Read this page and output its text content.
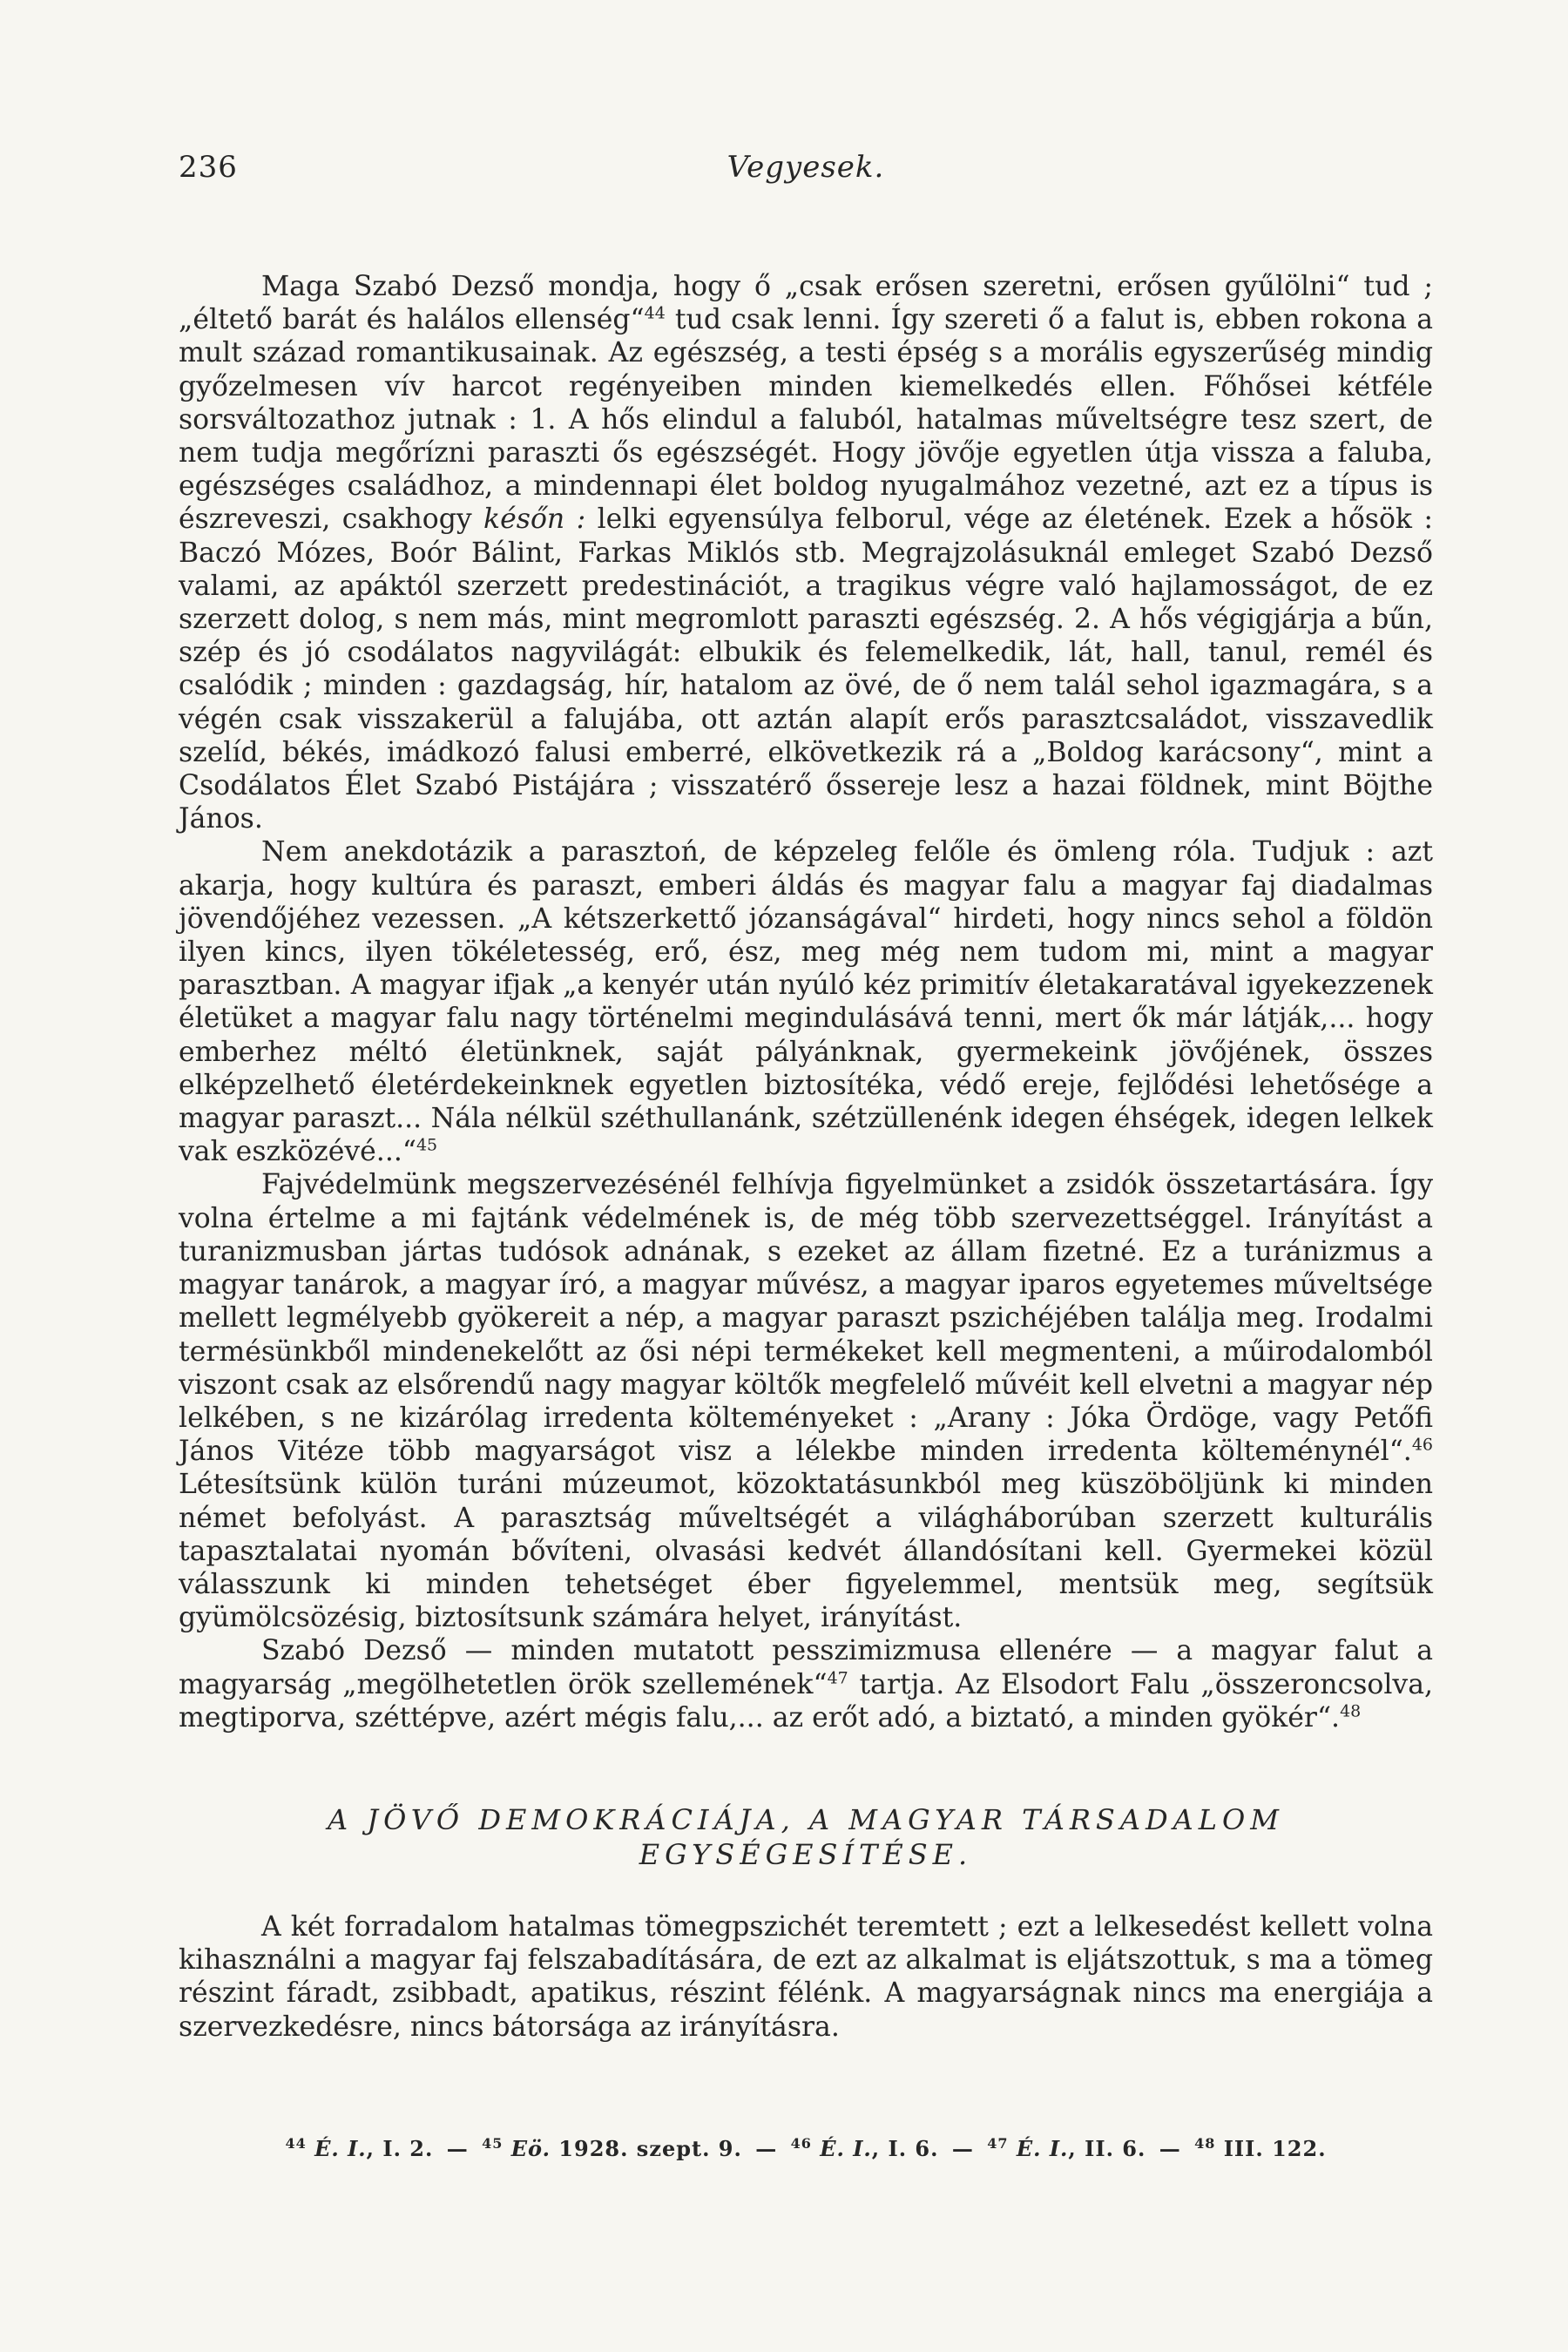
236	Vegyesek.

Maga Szabó Dezső mondja, hogy ő „csak erősen szeretni, erősen gyűlölni“ tud ; „éltető barát és halálos ellenség“$^{44}$ tud csak lenni. Így szereti ő a falut is, ebben rokona a mult század romantikusainak. Az egészség, a testi épség s a morális egyszerűség mindig győzelmesen vív harcot regényeiben minden kiemelkedés ellen. Főhősei kétféle sorsváltozathoz jutnak : 1. A hős elindul a faluból, hatalmas műveltségre tesz szert, de nem tudja megőrízni paraszti ős egészségét. Hogy jövője egyetlen útja vissza a faluba, egészséges családhoz, a mindennapi élet boldog nyugalmához vezetné, azt ez a típus is észreveszi, csakhogy későn : lelki egyensúlya felborul, vége az életének. Ezek a hősök : Baczó Mózes, Boór Bálint, Farkas Miklós stb. Megrajzolásuknál emleget Szabó Dezső valami, az apáktól szerzett predestinációt, a tragikus végre való hajlamosságot, de ez szerzett dolog, s nem más, mint megromlott paraszti egészség. 2. A hős végigjárja a bűn, szép és jó csodálatos nagyvilágát: elbukik és felemelkedik, lát, hall, tanul, remél és csalódik ; minden : gazdagság, hír, hatalom az övé, de ő nem talál sehol igazmagára, s a végén csak visszakerül a falujába, ott aztán alapít erős parasztcsaládot, visszavedlik szelíd, békés, imádkozó falusi emberré, elkövetkezik rá a „Boldog karácsony“, mint a Csodálatos Élet Szabó Pistájára ; visszatérő őssereje lesz a hazai földnek, mint Böjthe János.

Nem anekdotázik a parasztoń, de képzeleg felőle és ömleng róla. Tudjuk : azt akarja, hogy kultúra és paraszt, emberi áldás és magyar falu a magyar faj diadalmas jövendőjéhez vezessen. „A kétszerkettő józanságával“ hirdeti, hogy nincs sehol a földön ilyen kincs, ilyen tökéletesség, erő, ész, meg még nem tudom mi, mint a magyar parasztban. A magyar ifjak „a kenyér után nyúló kéz primitív életakaratával igyekezzenek életüket a magyar falu nagy történelmi megindulásává tenni, mert ők már látják,... hogy emberhez méltó életünknek, saját pályánknak, gyermekeink jövőjének, összes elképzelhető életérdekeinknek egyetlen biztosítéka, védő ereje, fejlődési lehetősége a magyar paraszt... Nála nélkül széthullanánk, szétzüllenénk idegen éhségek, idegen lelkek vak eszközévé...“$^{45}$

Fajvédelmünk megszervezésénél felhívja figyelmünket a zsidók összetartására. Így volna értelme a mi fajtánk védelmének is, de még több szervezettséggel. Irányítást a turanizmusban jártas tudósok adnának, s ezeket az állam fizetné. Ez a turánizmus a magyar tanárok, a magyar író, a magyar művész, a magyar iparos egyetemes műveltsége mellett legmélyebb gyökereit a nép, a magyar paraszt pszichéjében találja meg. Irodalmi termésünkből mindenekelőtt az ősi népi termékeket kell megmenteni, a műirodalomból viszont csak az elsőrendű nagy magyar költők megfelelő művéit kell elvetni a magyar nép lelkében, s ne kizárólag irredenta költeményeket : „Arany : Jóka Ördöge, vagy Petőfi János Vitéze több magyarságot visz a lélekbe minden irredenta költeménynél“.$^{46}$ Létesítsünk külön turáni múzeumot, közoktatásunkból meg küszöböljünk ki minden német befolyást. A parasztság műveltségét a világháborúban szerzett kulturális tapasztalatai nyomán bővíteni, olvasási kedvét állandósítani kell. Gyermekei közül válasszunk ki minden tehetséget éber figyelemmel, mentsük meg, segítsük gyümölcsözésig, biztosítsunk számára helyet, irányítást.

Szabó Dezső — minden mutatott pesszimizmusa ellenére — a magyar falut a magyarság „megölhetetlen örök szellemének“$^{47}$ tartja. Az Elsodort Falu „összeroncsolva, megtiporva, széttépve, azért mégis falu,... az erőt adó, a biztató, a minden gyökér“.$^{48}$

A JÖVŐ DEMOKRÁCIÁJA, A MAGYAR TÁRSADALOM
EGYSÉGESÍTÉSE.

A két forradalom hatalmas tömegpszichét teremtett ; ezt a lelkesedést kellett volna kihasználni a magyar faj felszabadítására, de ezt az alkalmat is eljátszottuk, s ma a tömeg részint fáradt, zsibbadt, apatikus, részint félénk. A magyarságnak nincs ma energiája a szervezkedésre, nincs bátorsága az irányításra.

$^{44}$ É. I., I. 2. — $^{45}$ Eö. 1928. szept. 9. — $^{46}$ É. I., I. 6. — $^{47}$ É. I., II. 6. — $^{48}$ III. 122.
